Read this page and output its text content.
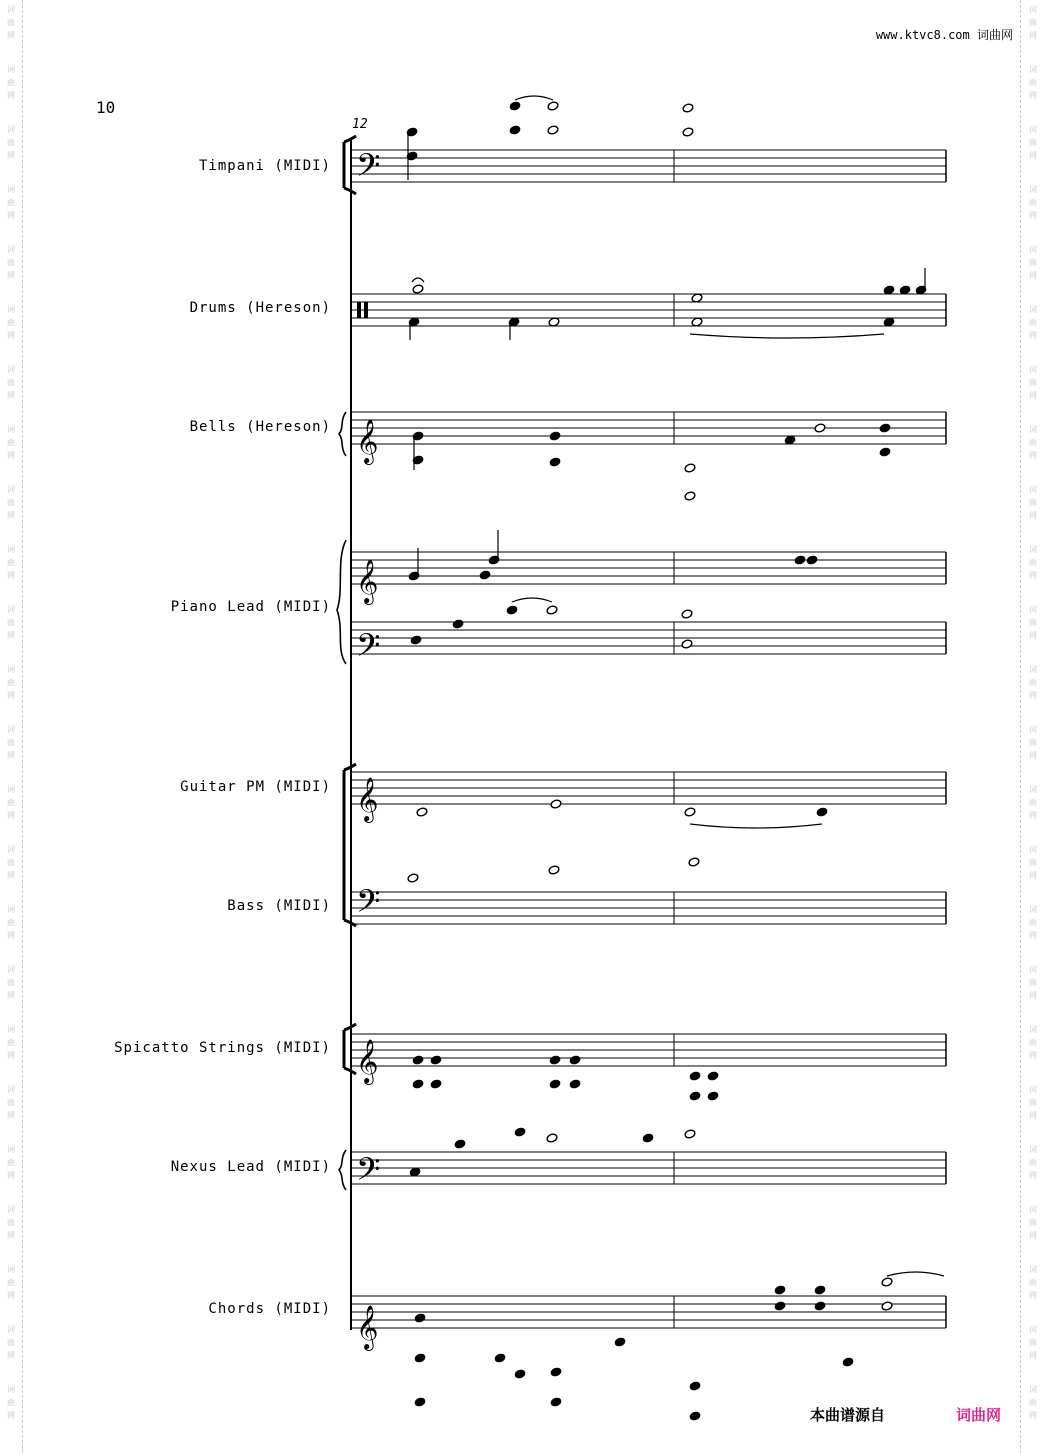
词
曲
网
词
曲
网
词
曲
网
词
曲
网
词
曲
网
词
曲
网
词
曲
网
词
曲
网
词
曲
网
词
曲
网
词
曲
网
词
曲
网
词
曲
网
词
曲
网
词
曲
网
词
曲
网
词
曲
网
词
曲
网
词
曲
网
词
曲
网
词
曲
网
词
曲
网
词
曲
网
词
曲
网
词
曲
网
词
曲
网
词
曲
网
词
曲
网
词
曲
网
词
曲
网
词
曲
网
词
曲
网
词
曲
网
词
曲
网
词
曲
网
词
曲
网
词
曲
网
词
曲
网
词
曲
网
词
曲
网
词
曲
网
词
曲
网
词
曲
网
词
曲
网
词
曲
网
词
曲
网
词
曲
网
词
曲
网
www.ktvc8.com 词曲网
10
12
Timpani (MIDI)
Drums (Hereson)
Bells (Hereson)
Piano Lead (MIDI)
Guitar PM (MIDI)
Bass (MIDI)
Spicatto Strings (MIDI)
Nexus Lead (MIDI)
Chords (MIDI)
𝄢
𝄞
𝄞
𝄢
𝄞
𝄢
𝄞
𝄢
𝄞
本曲谱源自	词曲网
